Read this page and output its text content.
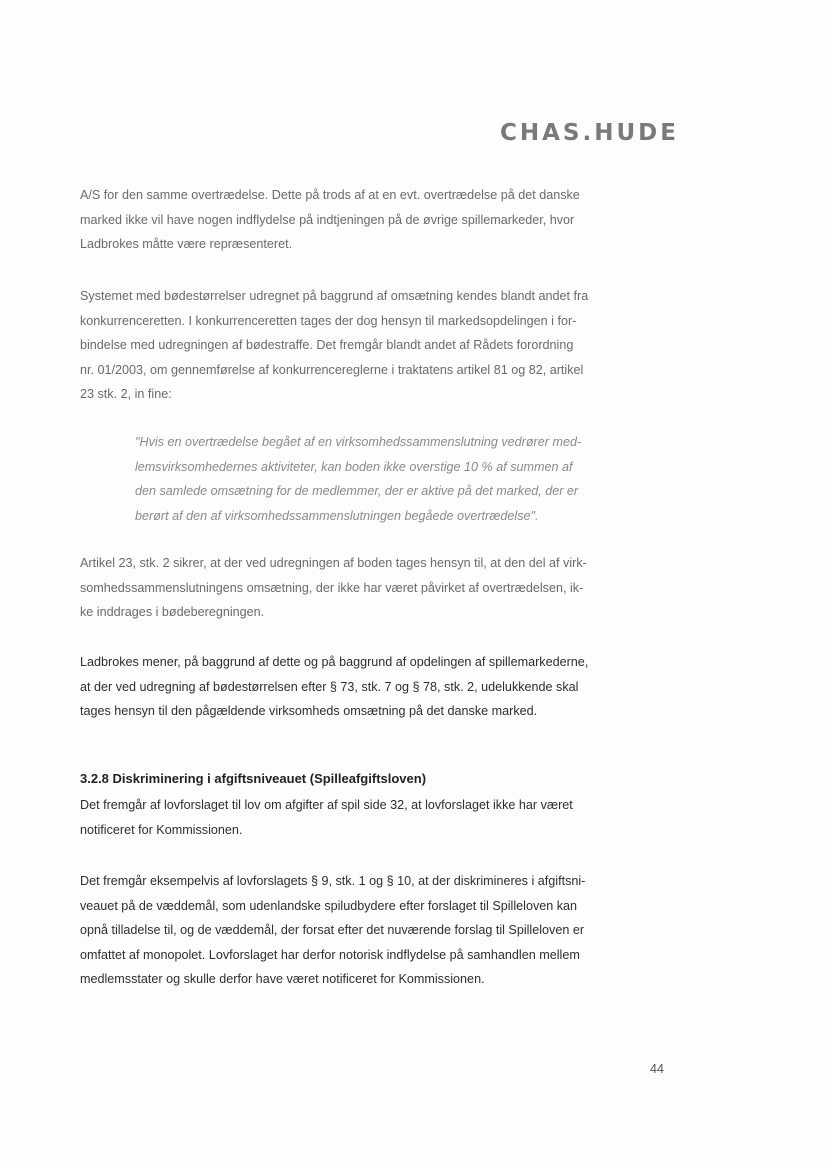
CHAS.HUDE
A/S for den samme overtrædelse. Dette på trods af at en evt. overtrædelse på det danske
marked ikke vil have nogen indflydelse på indtjeningen på de øvrige spillemarkeder, hvor
Ladbrokes måtte være repræsenteret.
Systemet med bødestørrelser udregnet på baggrund af omsætning kendes blandt andet fra
konkurrenceretten. I konkurrenceretten tages der dog hensyn til markedsopdelingen i for-
bindelse med udregningen af bødestraffe. Det fremgår blandt andet af Rådets forordning
nr. 01/2003, om gennemførelse af konkurrencereglerne i traktatens artikel 81 og 82, artikel
23 stk. 2, in fine:
"Hvis en overtrædelse begået af en virksomhedssammenslutning vedrører med-
lemsvirksomhedernes aktiviteter, kan boden ikke overstige 10 % af summen af
den samlede omsætning for de medlemmer, der er aktive på det marked, der er
berørt af den af virksomhedssammenslutningen begåede overtrædelse".
Artikel 23, stk. 2 sikrer, at der ved udregningen af boden tages hensyn til, at den del af virk-
somhedssammenslutningens omsætning, der ikke har været påvirket af overtrædelsen, ik-
ke inddrages i bødeberegningen.
Ladbrokes mener, på baggrund af dette og på baggrund af opdelingen af spillemarkederne,
at der ved udregning af bødestørrelsen efter § 73, stk. 7 og § 78, stk. 2, udelukkende skal
tages hensyn til den pågældende virksomheds omsætning på det danske marked.
3.2.8 Diskriminering i afgiftsniveauet (Spilleafgiftsloven)
Det fremgår af lovforslaget til lov om afgifter af spil side 32, at lovforslaget ikke har været
notificeret for Kommissionen.
Det fremgår eksempelvis af lovforslagets § 9, stk. 1 og § 10, at der diskrimineres i afgiftsni-
veauet på de væddemål, som udenlandske spiludbydere efter forslaget til Spilleloven kan
opnå tilladelse til, og de væddemål, der forsat efter det nuværende forslag til Spilleloven er
omfattet af monopolet. Lovforslaget har derfor notorisk indflydelse på samhandlen mellem
medlemsstater og skulle derfor have været notificeret for Kommissionen.
44
